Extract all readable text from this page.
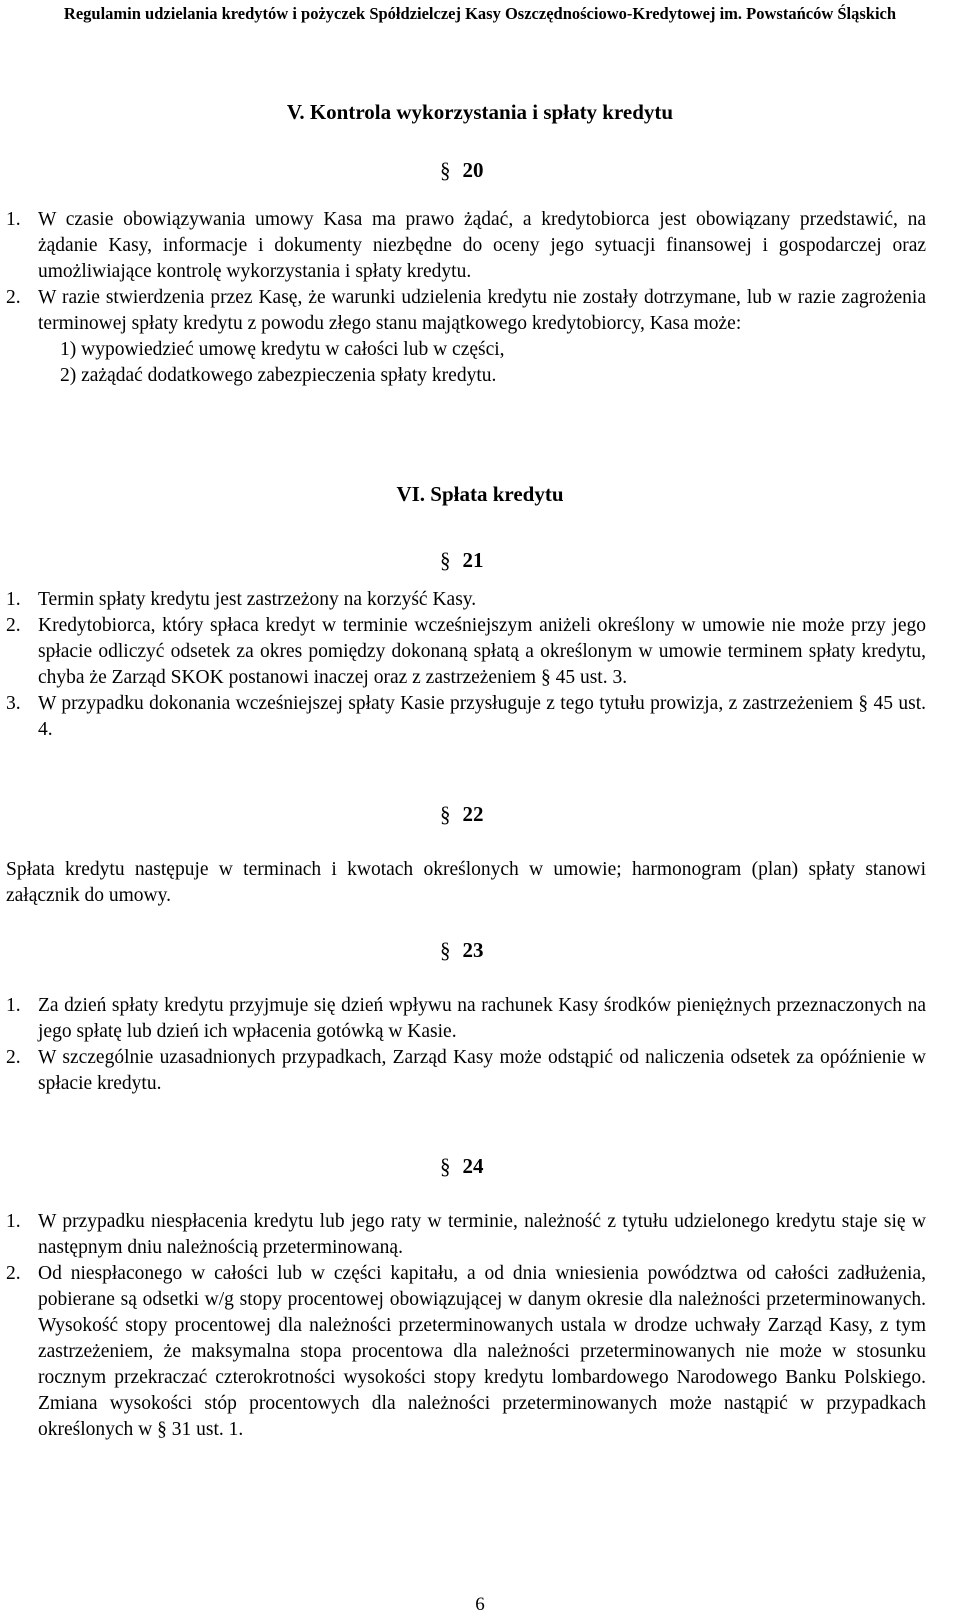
Regulamin udzielania kredytów i pożyczek Spółdzielczej Kasy Oszczędnościowo-Kredytowej im. Powstańców Śląskich
V. Kontrola wykorzystania i spłaty kredytu
§ 20
1. W czasie obowiązywania umowy Kasa ma prawo żądać, a kredytobiorca jest obowiązany przedstawić, na żądanie Kasy, informacje i dokumenty niezbędne do oceny jego sytuacji finansowej i gospodarczej oraz umożliwiające kontrolę wykorzystania i spłaty kredytu.
2. W razie stwierdzenia przez Kasę, że warunki udzielenia kredytu nie zostały dotrzymane, lub w razie zagrożenia terminowej spłaty kredytu z powodu złego stanu majątkowego kredytobiorcy, Kasa może:
1) wypowiedzieć umowę kredytu w całości lub w części,
2) zażądać dodatkowego zabezpieczenia spłaty kredytu.
VI. Spłata kredytu
§ 21
1. Termin spłaty kredytu jest zastrzeżony na korzyść Kasy.
2. Kredytobiorca, który spłaca kredyt w terminie wcześniejszym aniżeli określony w umowie nie może przy jego spłacie odliczyć odsetek za okres pomiędzy dokonaną spłatą a określonym w umowie terminem spłaty kredytu, chyba że Zarząd SKOK postanowi inaczej oraz z zastrzeżeniem § 45 ust. 3.
3. W przypadku dokonania wcześniejszej spłaty Kasie przysługuje z tego tytułu prowizja, z zastrzeżeniem § 45 ust. 4.
§ 22
Spłata kredytu następuje w terminach i kwotach określonych w umowie; harmonogram (plan) spłaty stanowi załącznik do umowy.
§ 23
1. Za dzień spłaty kredytu przyjmuje się dzień wpływu na rachunek Kasy środków pieniężnych przeznaczonych na jego spłatę lub dzień ich wpłacenia gotówką w Kasie.
2. W szczególnie uzasadnionych przypadkach, Zarząd Kasy może odstąpić od naliczenia odsetek za opóźnienie w spłacie kredytu.
§ 24
1. W przypadku niespłacenia kredytu lub jego raty w terminie, należność z tytułu udzielonego kredytu staje się w następnym dniu należnością przeterminowaną.
2. Od niespłaconego w całości lub w części kapitału, a od dnia wniesienia powództwa od całości zadłużenia, pobierane są odsetki w/g stopy procentowej obowiązującej w danym okresie dla należności przeterminowanych. Wysokość stopy procentowej dla należności przeterminowanych ustala w drodze uchwały Zarząd Kasy, z tym zastrzeżeniem, że maksymalna stopa procentowa dla należności przeterminowanych nie może w stosunku rocznym przekraczać czterokrotności wysokości stopy kredytu lombardowego Narodowego Banku Polskiego. Zmiana wysokości stóp procentowych dla należności przeterminowanych może nastąpić w przypadkach określonych w § 31 ust. 1.
6
